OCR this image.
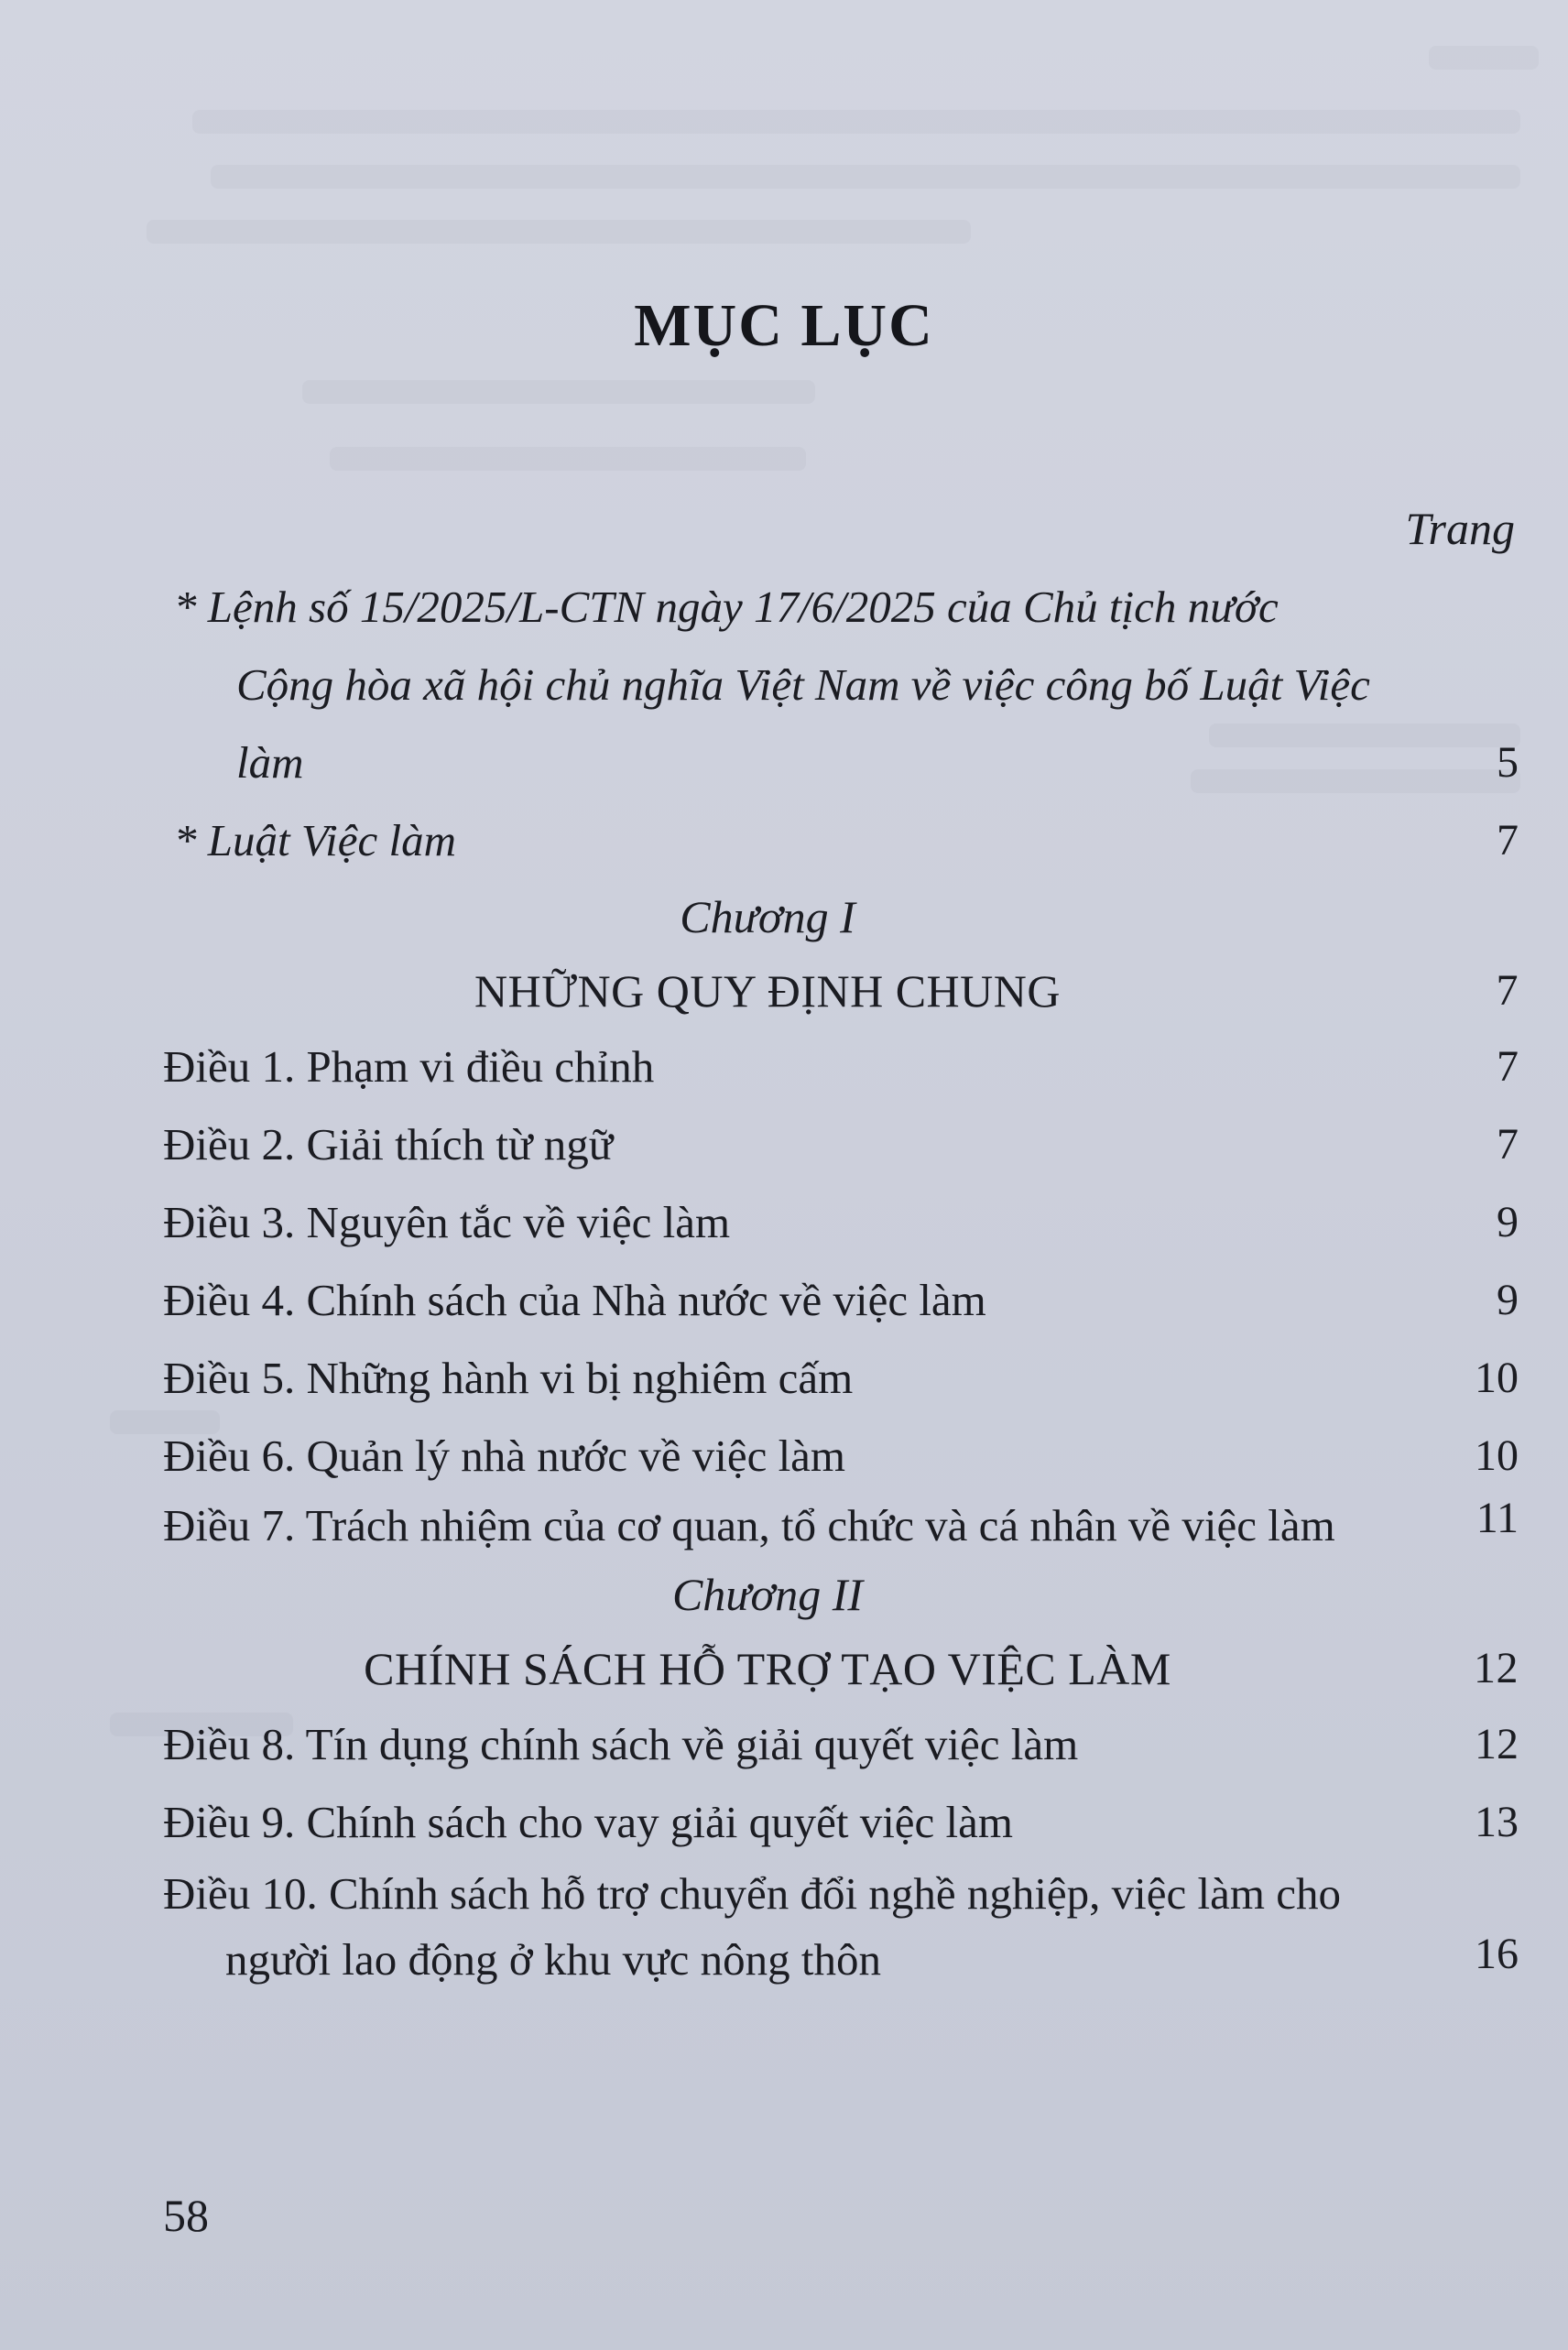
MỤC LỤC
Trang
* Lệnh số 15/2025/L-CTN ngày 17/6/2025 của Chủ tịch nước Cộng hòa xã hội chủ nghĩa Việt Nam về việc công bố Luật Việc làm	5
* Luật Việc làm	7
Chương I
NHỮNG QUY ĐỊNH CHUNG	7
Điều 1. Phạm vi điều chỉnh	7
Điều 2. Giải thích từ ngữ	7
Điều 3. Nguyên tắc về việc làm	9
Điều 4. Chính sách của Nhà nước về việc làm	9
Điều 5. Những hành vi bị nghiêm cấm	10
Điều 6. Quản lý nhà nước về việc làm	10
Điều 7. Trách nhiệm của cơ quan, tổ chức và cá nhân về việc làm	11
Chương II
CHÍNH SÁCH HỖ TRỢ TẠO VIỆC LÀM	12
Điều 8. Tín dụng chính sách về giải quyết việc làm	12
Điều 9. Chính sách cho vay giải quyết việc làm	13
Điều 10. Chính sách hỗ trợ chuyển đổi nghề nghiệp, việc làm cho người lao động ở khu vực nông thôn	16
58
